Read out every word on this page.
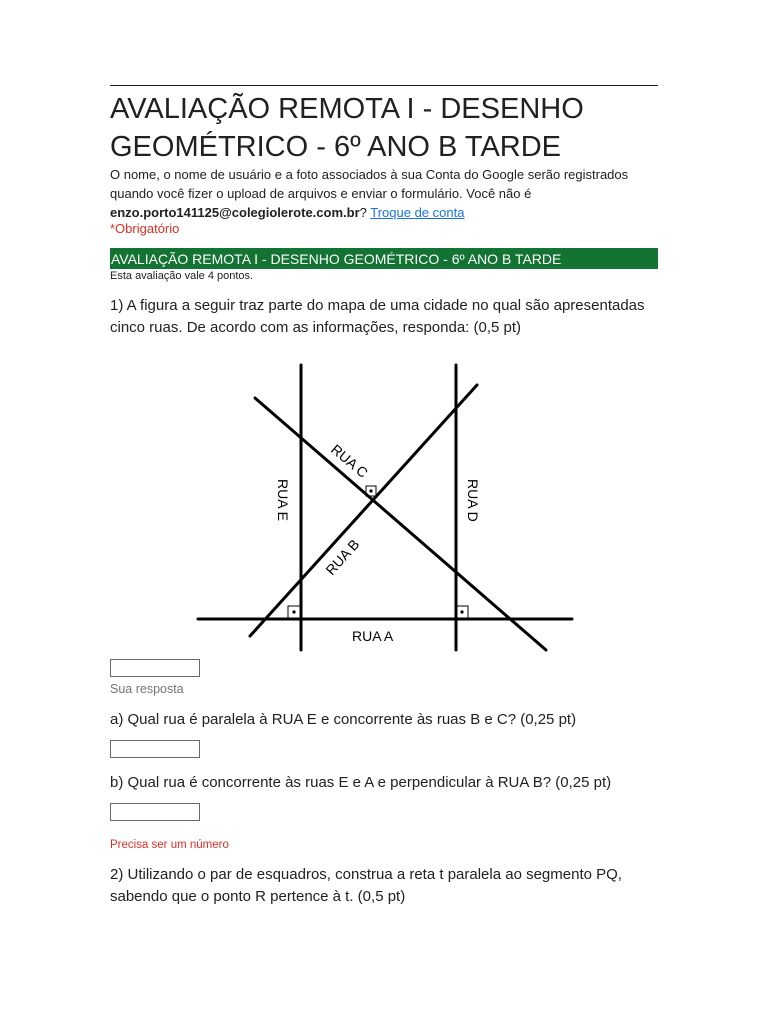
AVALIAÇÃO REMOTA I - DESENHO GEOMÉTRICO - 6º ANO B TARDE
O nome, o nome de usuário e a foto associados à sua Conta do Google serão registrados quando você fizer o upload de arquivos e enviar o formulário. Você não é enzo.porto141125@colegiolerote.com.br? Troque de conta
*Obrigatório
AVALIAÇÃO REMOTA I - DESENHO GEOMÉTRICO - 6º ANO B TARDE
Esta avaliação vale 4 pontos.
1) A figura a seguir traz parte do mapa de uma cidade no qual são apresentadas cinco ruas. De acordo com as informações, responda: (0,5 pt)
RUA A
RUA E	RUA D
RUA C
RUA B
Sua resposta
a) Qual rua é paralela à RUA E e concorrente às ruas B e C? (0,25 pt)
b) Qual rua é concorrente às ruas E e A e perpendicular à RUA B? (0,25 pt)
Precisa ser um número
2) Utilizando o par de esquadros, construa a reta t paralela ao segmento PQ, sabendo que o ponto R pertence à t. (0,5 pt)
